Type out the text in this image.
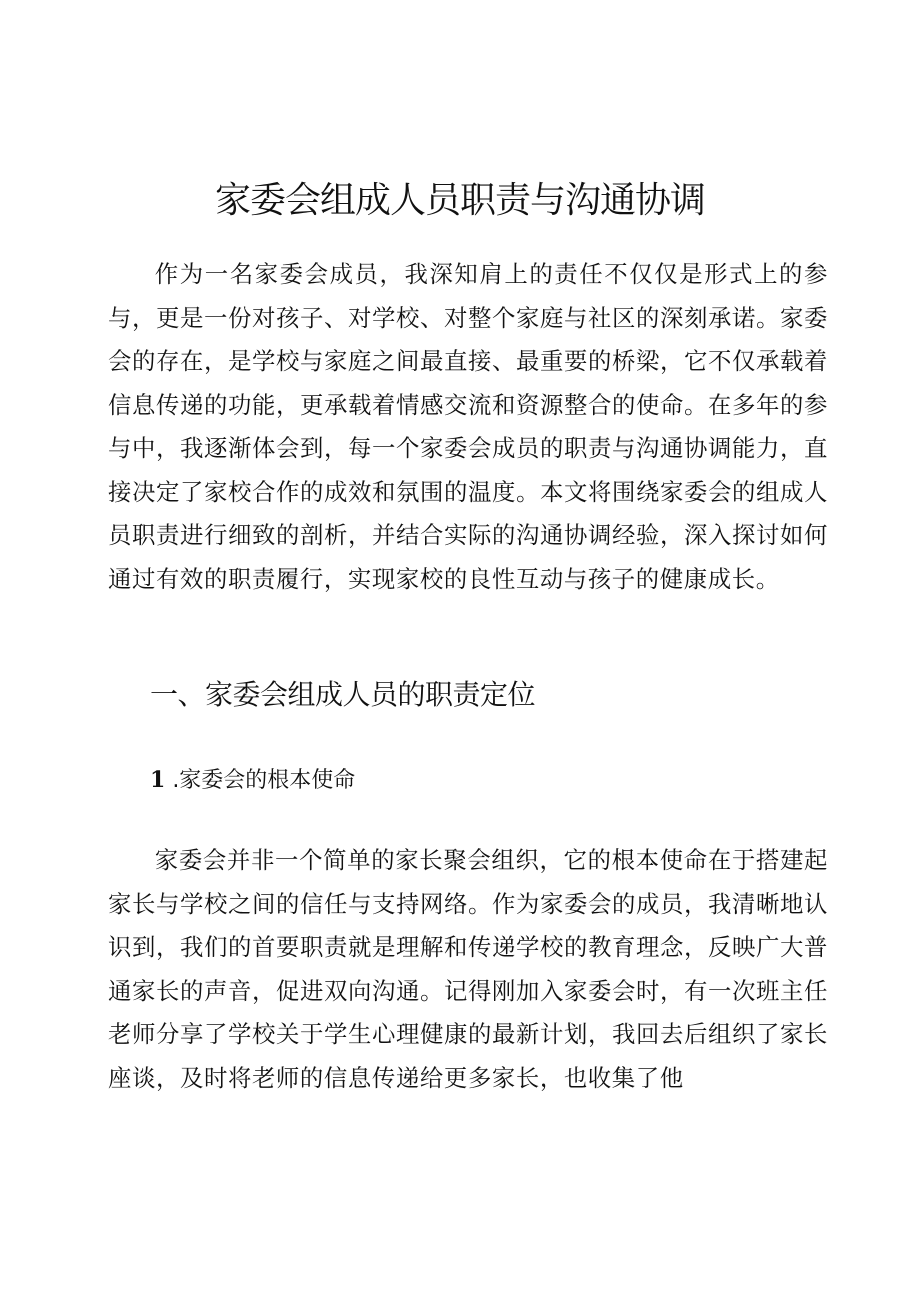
家委会组成人员职责与沟通协调

作为一名家委会成员，我深知肩上的责任不仅仅是形式上的参与，更是一份对孩子、对学校、对整个家庭与社区的深刻承诺。家委会的存在，是学校与家庭之间最直接、最重要的桥梁，它不仅承载着信息传递的功能，更承载着情感交流和资源整合的使命。在多年的参与中，我逐渐体会到，每一个家委会成员的职责与沟通协调能力，直接决定了家校合作的成效和氛围的温度。本文将围绕家委会的组成人员职责进行细致的剖析，并结合实际的沟通协调经验，深入探讨如何通过有效的职责履行，实现家校的良性互动与孩子的健康成长。

一、家委会组成人员的职责定位
1 .家委会的根本使命

家委会并非一个简单的家长聚会组织，它的根本使命在于搭建起家长与学校之间的信任与支持网络。作为家委会的成员，我清晰地认识到，我们的首要职责就是理解和传递学校的教育理念，反映广大普通家长的声音，促进双向沟通。记得刚加入家委会时，有一次班主任老师分享了学校关于学生心理健康的最新计划，我回去后组织了家长座谈，及时将老师的信息传递给更多家长，也收集了他
